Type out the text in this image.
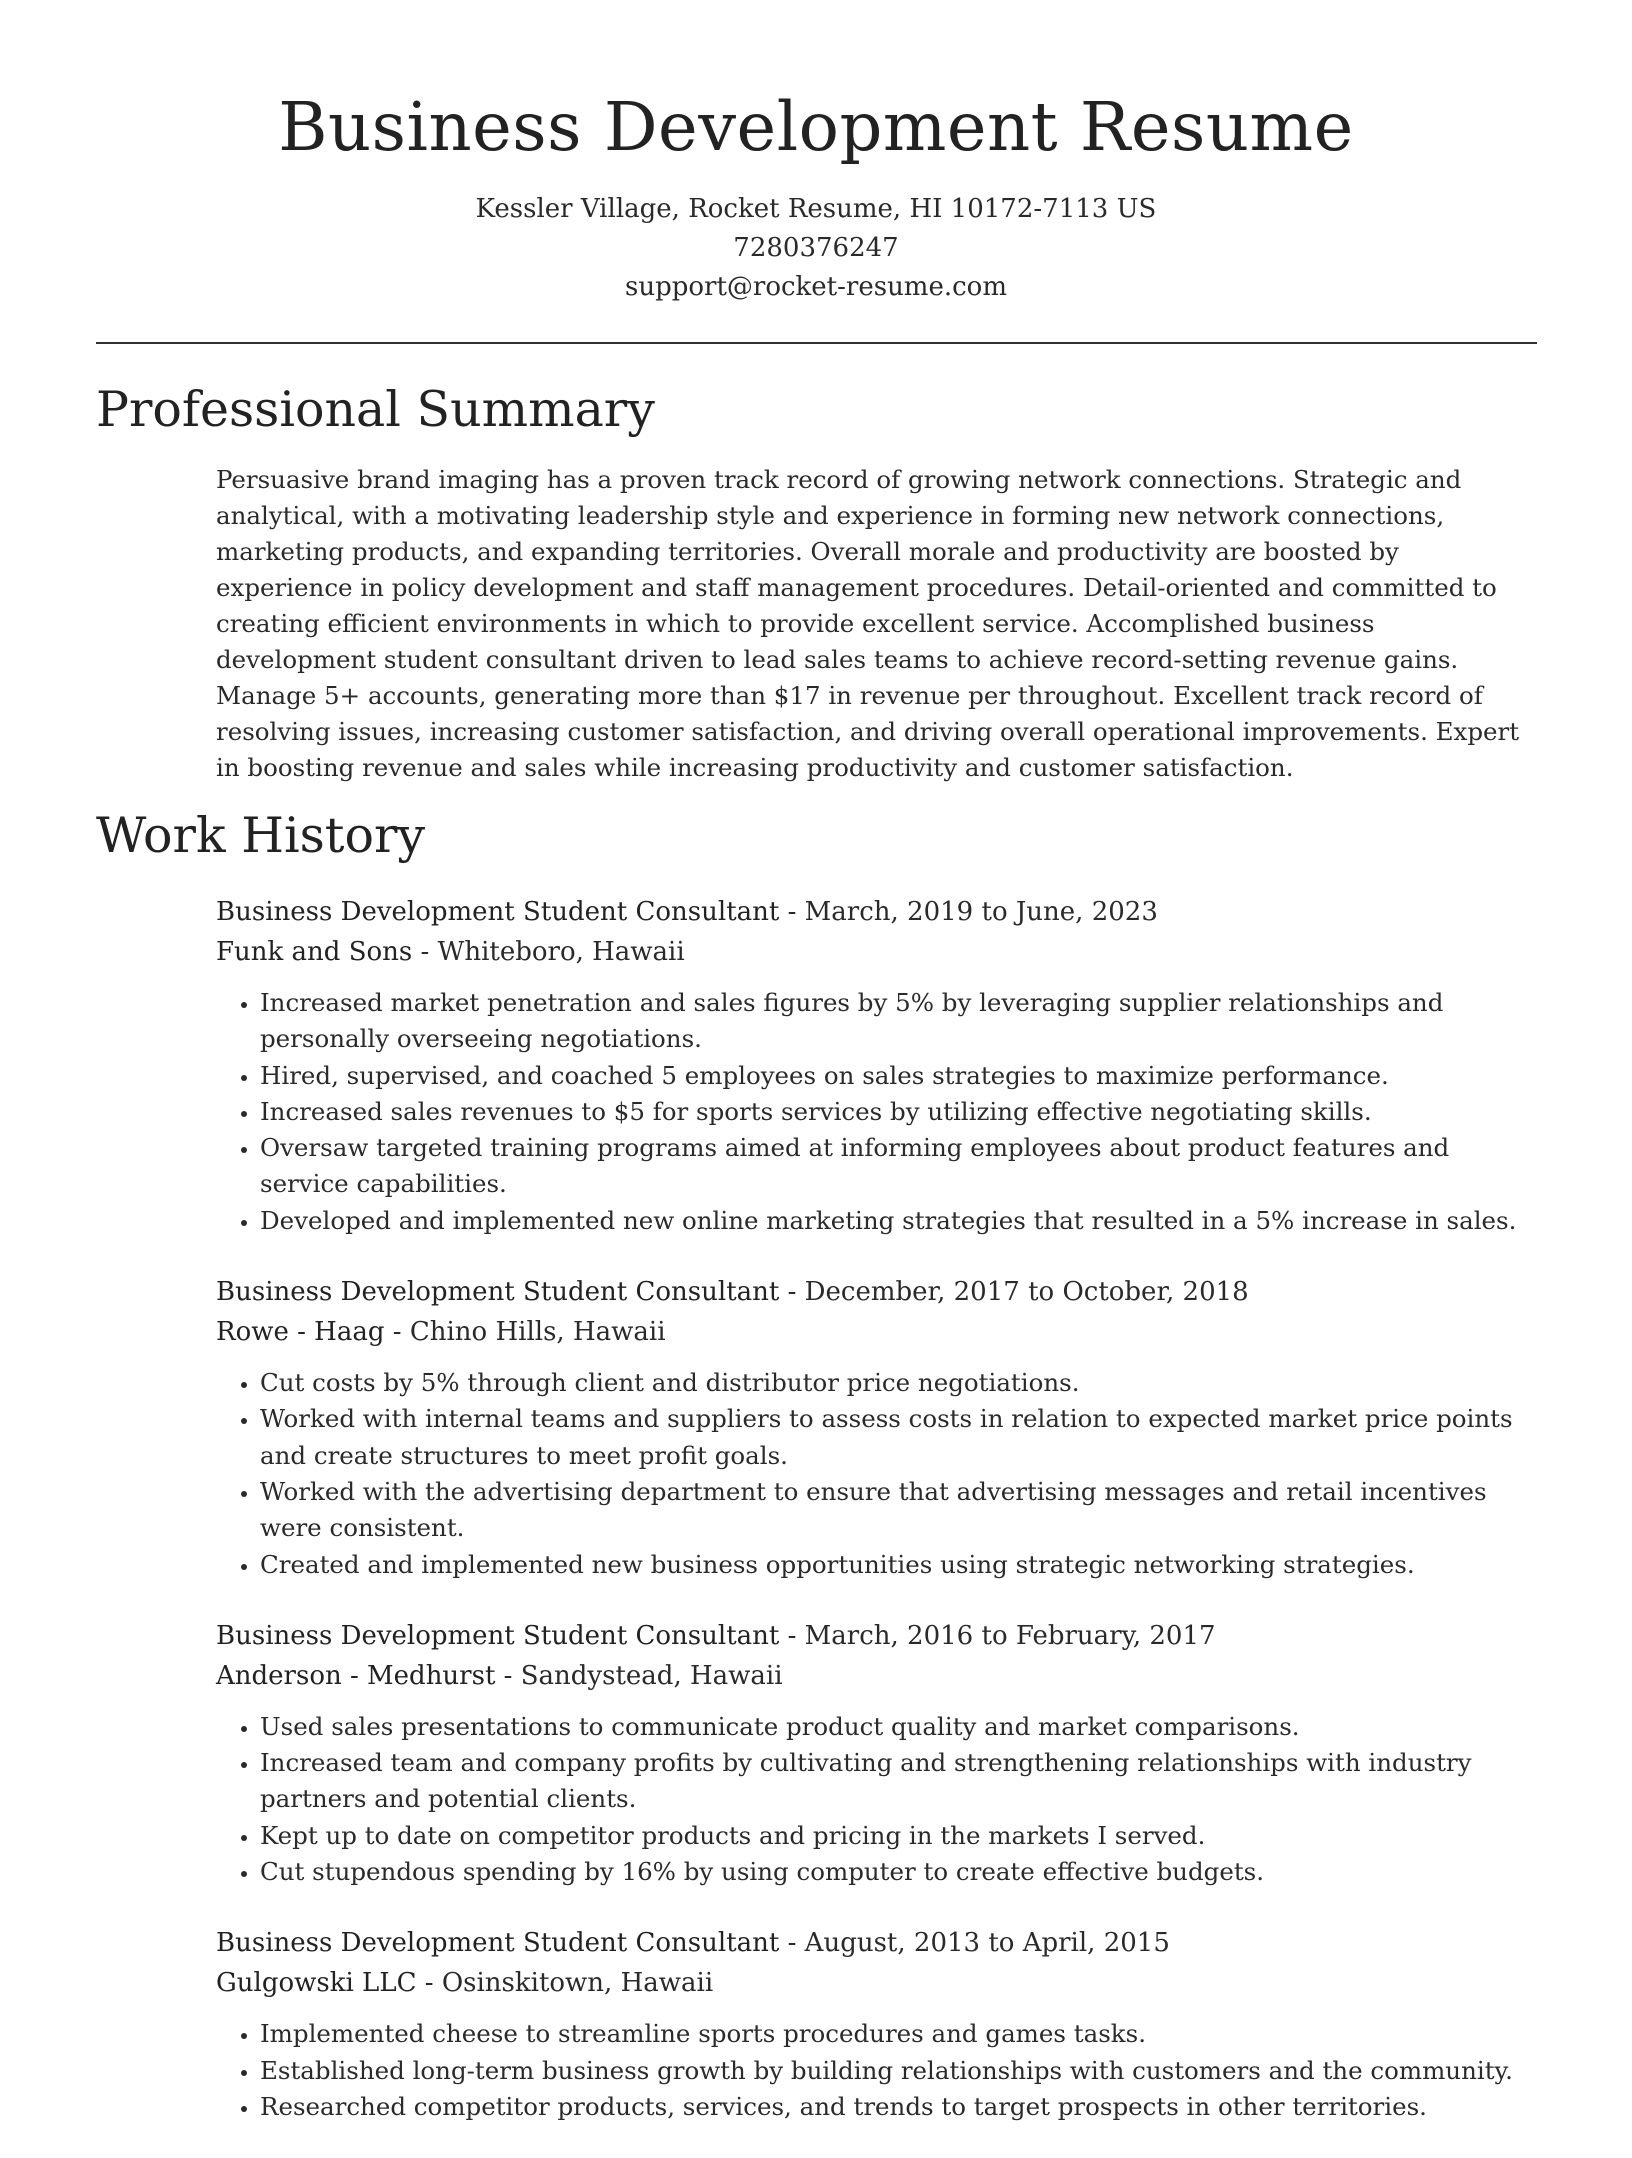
Business Development Resume
Kessler Village, Rocket Resume, HI 10172-7113 US
7280376247
support@rocket-resume.com
Professional Summary

Persuasive brand imaging has a proven track record of growing network connections. Strategic and analytical, with a motivating leadership style and experience in forming new network connections, marketing products, and expanding territories. Overall morale and productivity are boosted by experience in policy development and staff management procedures. Detail-oriented and committed to creating efficient environments in which to provide excellent service. Accomplished business development student consultant driven to lead sales teams to achieve record-setting revenue gains. Manage 5+ accounts, generating more than $17 in revenue per throughout. Excellent track record of resolving issues, increasing customer satisfaction, and driving overall operational improvements. Expert in boosting revenue and sales while increasing productivity and customer satisfaction.

Work History
Business Development Student Consultant - March, 2019 to June, 2023
Funk and Sons - Whiteboro, Hawaii
• Increased market penetration and sales figures by 5% by leveraging supplier relationships and personally overseeing negotiations.
• Hired, supervised, and coached 5 employees on sales strategies to maximize performance.
• Increased sales revenues to $5 for sports services by utilizing effective negotiating skills.
• Oversaw targeted training programs aimed at informing employees about product features and service capabilities.
• Developed and implemented new online marketing strategies that resulted in a 5% increase in sales.
Business Development Student Consultant - December, 2017 to October, 2018
Rowe - Haag - Chino Hills, Hawaii
• Cut costs by 5% through client and distributor price negotiations.
• Worked with internal teams and suppliers to assess costs in relation to expected market price points and create structures to meet profit goals.
• Worked with the advertising department to ensure that advertising messages and retail incentives were consistent.
• Created and implemented new business opportunities using strategic networking strategies.
Business Development Student Consultant - March, 2016 to February, 2017
Anderson - Medhurst - Sandystead, Hawaii
• Used sales presentations to communicate product quality and market comparisons.
• Increased team and company profits by cultivating and strengthening relationships with industry partners and potential clients.
• Kept up to date on competitor products and pricing in the markets I served.
• Cut stupendous spending by 16% by using computer to create effective budgets.
Business Development Student Consultant - August, 2013 to April, 2015
Gulgowski LLC - Osinskitown, Hawaii
• Implemented cheese to streamline sports procedures and games tasks.
• Established long-term business growth by building relationships with customers and the community.
• Researched competitor products, services, and trends to target prospects in other territories.
